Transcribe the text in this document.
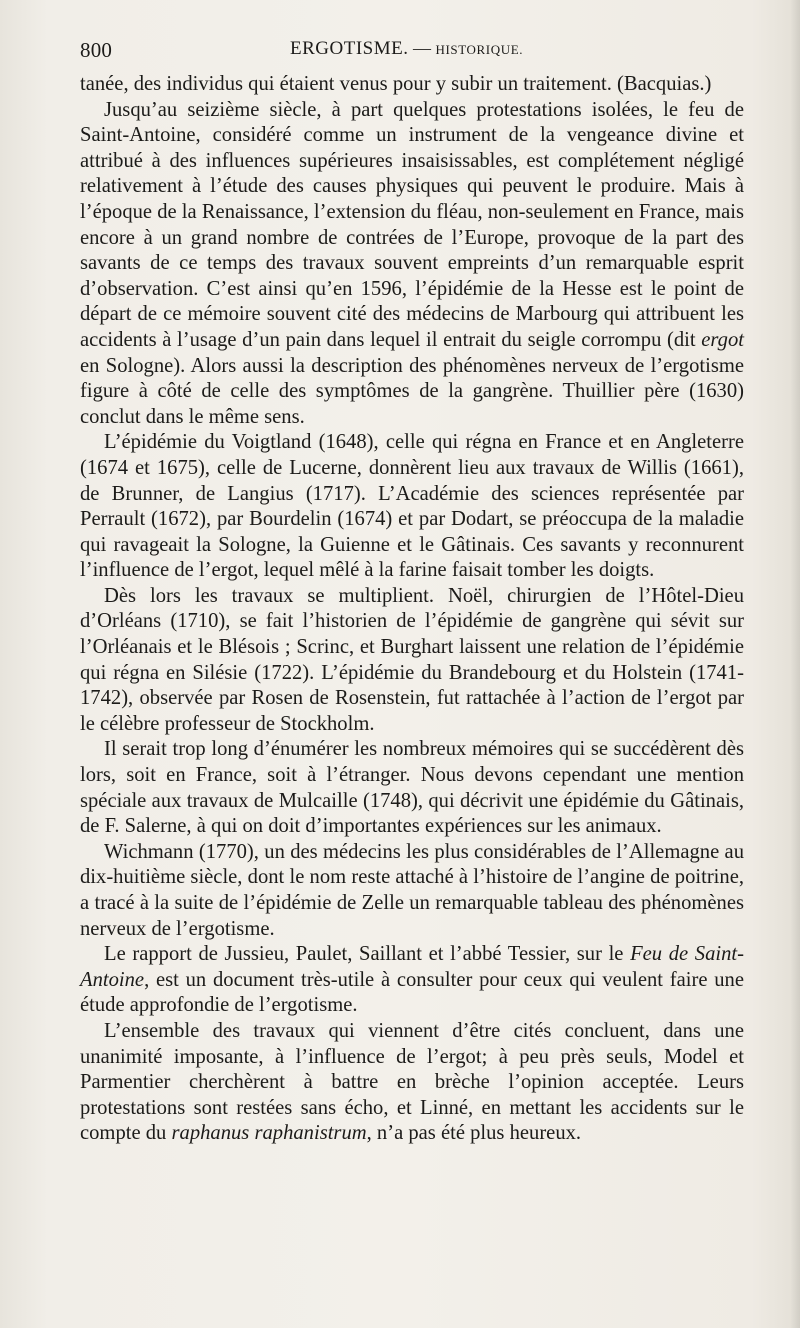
800	ERGOTISME. — HISTORIQUE.

tanée, des individus qui étaient venus pour y subir un traitement. (Bacquias.)

Jusqu’au seizième siècle, à part quelques protestations isolées, le feu de Saint-Antoine, considéré comme un instrument de la vengeance divine et attribué à des influences supérieures insaisissables, est complétement négligé relativement à l’étude des causes physiques qui peuvent le produire. Mais à l’époque de la Renaissance, l’extension du fléau, non-seulement en France, mais encore à un grand nombre de contrées de l’Europe, provoque de la part des savants de ce temps des travaux souvent empreints d’un remarquable esprit d’observation. C’est ainsi qu’en 1596, l’épidémie de la Hesse est le point de départ de ce mémoire souvent cité des médecins de Marbourg qui attribuent les accidents à l’usage d’un pain dans lequel il entrait du seigle corrompu (dit ergot en Sologne). Alors aussi la description des phénomènes nerveux de l’ergotisme figure à côté de celle des symptômes de la gangrène. Thuillier père (1630) conclut dans le même sens.

L’épidémie du Voigtland (1648), celle qui régna en France et en Angleterre (1674 et 1675), celle de Lucerne, donnèrent lieu aux travaux de Willis (1661), de Brunner, de Langius (1717). L’Académie des sciences représentée par Perrault (1672), par Bourdelin (1674) et par Dodart, se préoccupa de la maladie qui ravageait la Sologne, la Guienne et le Gâtinais. Ces savants y reconnurent l’influence de l’ergot, lequel mêlé à la farine faisait tomber les doigts.

Dès lors les travaux se multiplient. Noël, chirurgien de l’Hôtel-Dieu d’Orléans (1710), se fait l’historien de l’épidémie de gangrène qui sévit sur l’Orléanais et le Blésois ; Scrinc, et Burghart laissent une relation de l’épidémie qui régna en Silésie (1722). L’épidémie du Brandebourg et du Holstein (1741-1742), observée par Rosen de Rosenstein, fut rattachée à l’action de l’ergot par le célèbre professeur de Stockholm.

Il serait trop long d’énumérer les nombreux mémoires qui se succédèrent dès lors, soit en France, soit à l’étranger. Nous devons cependant une mention spéciale aux travaux de Mulcaille (1748), qui décrivit une épidémie du Gâtinais, de F. Salerne, à qui on doit d’importantes expériences sur les animaux.

Wichmann (1770), un des médecins les plus considérables de l’Allemagne au dix-huitième siècle, dont le nom reste attaché à l’histoire de l’angine de poitrine, a tracé à la suite de l’épidémie de Zelle un remarquable tableau des phénomènes nerveux de l’ergotisme.

Le rapport de Jussieu, Paulet, Saillant et l’abbé Tessier, sur le Feu de Saint-Antoine, est un document très-utile à consulter pour ceux qui veulent faire une étude approfondie de l’ergotisme.

L’ensemble des travaux qui viennent d’être cités concluent, dans une unanimité imposante, à l’influence de l’ergot; à peu près seuls, Model et Parmentier cherchèrent à battre en brèche l’opinion acceptée. Leurs protestations sont restées sans écho, et Linné, en mettant les accidents sur le compte du raphanus raphanistrum, n’a pas été plus heureux.
